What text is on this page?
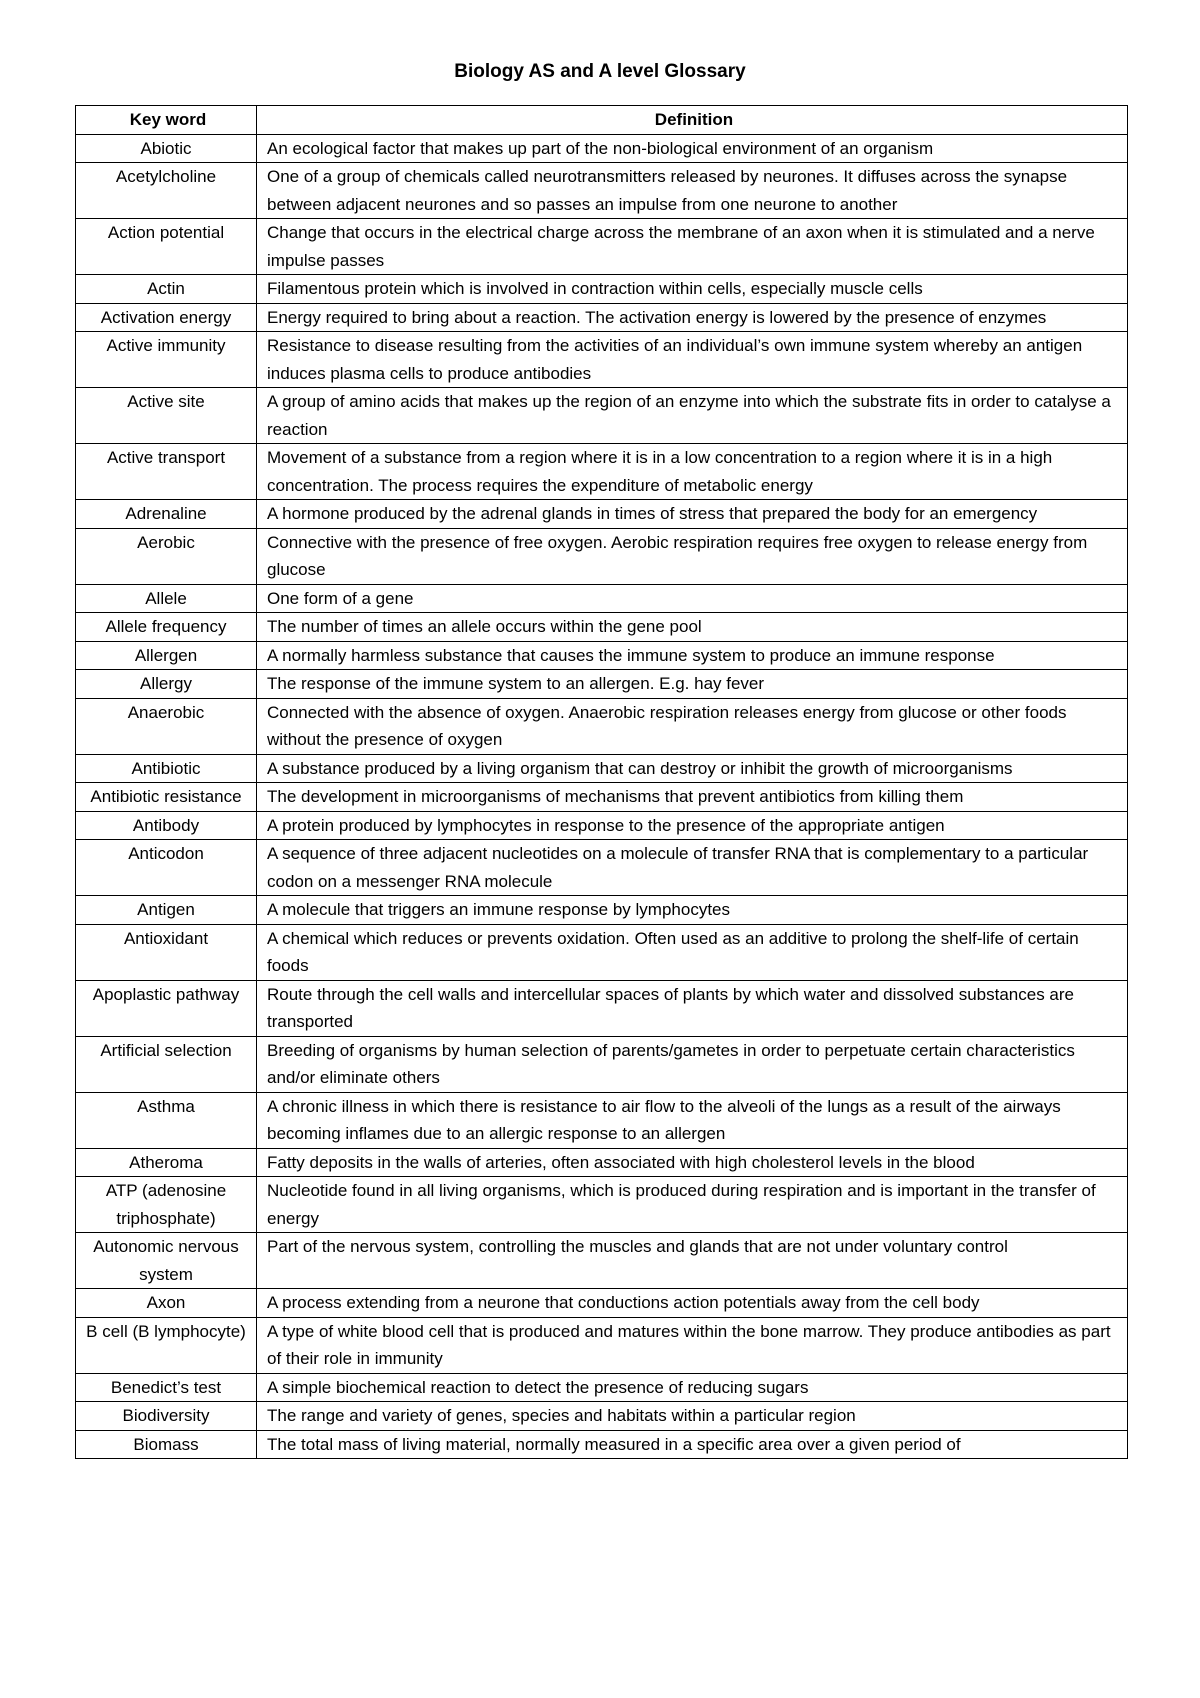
Biology AS and A level Glossary
Key word	Definition
Abiotic	An ecological factor that makes up part of the non-biological environment of an organism
Acetylcholine	One of a group of chemicals called neurotransmitters released by neurones. It diffuses across the synapse between adjacent neurones and so passes an impulse from one neurone to another
Action potential	Change that occurs in the electrical charge across the membrane of an axon when it is stimulated and a nerve impulse passes
Actin	Filamentous protein which is involved in contraction within cells, especially muscle cells
Activation energy	Energy required to bring about a reaction. The activation energy is lowered by the presence of enzymes
Active immunity	Resistance to disease resulting from the activities of an individual’s own immune system whereby an antigen induces plasma cells to produce antibodies
Active site	A group of amino acids that makes up the region of an enzyme into which the substrate fits in order to catalyse a reaction
Active transport	Movement of a substance from a region where it is in a low concentration to a region where it is in a high concentration. The process requires the expenditure of metabolic energy
Adrenaline	A hormone produced by the adrenal glands in times of stress that prepared the body for an emergency
Aerobic	Connective with the presence of free oxygen. Aerobic respiration requires free oxygen to release energy from glucose
Allele	One form of a gene
Allele frequency	The number of times an allele occurs within the gene pool
Allergen	A normally harmless substance that causes the immune system to produce an immune response
Allergy	The response of the immune system to an allergen. E.g. hay fever
Anaerobic	Connected with the absence of oxygen. Anaerobic respiration releases energy from glucose or other foods without the presence of oxygen
Antibiotic	A substance produced by a living organism that can destroy or inhibit the growth of microorganisms
Antibiotic resistance	The development in microorganisms of mechanisms that prevent antibiotics from killing them
Antibody	A protein produced by lymphocytes in response to the presence of the appropriate antigen
Anticodon	A sequence of three adjacent nucleotides on a molecule of transfer RNA that is complementary to a particular codon on a messenger RNA molecule
Antigen	A molecule that triggers an immune response by lymphocytes
Antioxidant	A chemical which reduces or prevents oxidation. Often used as an additive to prolong the shelf-life of certain foods
Apoplastic pathway	Route through the cell walls and intercellular spaces of plants by which water and dissolved substances are transported
Artificial selection	Breeding of organisms by human selection of parents/gametes in order to perpetuate certain characteristics and/or eliminate others
Asthma	A chronic illness in which there is resistance to air flow to the alveoli of the lungs as a result of the airways becoming inflames due to an allergic response to an allergen
Atheroma	Fatty deposits in the walls of arteries, often associated with high cholesterol levels in the blood
ATP (adenosine triphosphate)	Nucleotide found in all living organisms, which is produced during respiration and is important in the transfer of energy
Autonomic nervous system	Part of the nervous system, controlling the muscles and glands that are not under voluntary control
Axon	A process extending from a neurone that conductions action potentials away from the cell body
B cell (B lymphocyte)	A type of white blood cell that is produced and matures within the bone marrow. They produce antibodies as part of their role in immunity
Benedict’s test	A simple biochemical reaction to detect the presence of reducing sugars
Biodiversity	The range and variety of genes, species and habitats within a particular region
Biomass	The total mass of living material, normally measured in a specific area over a given period of
